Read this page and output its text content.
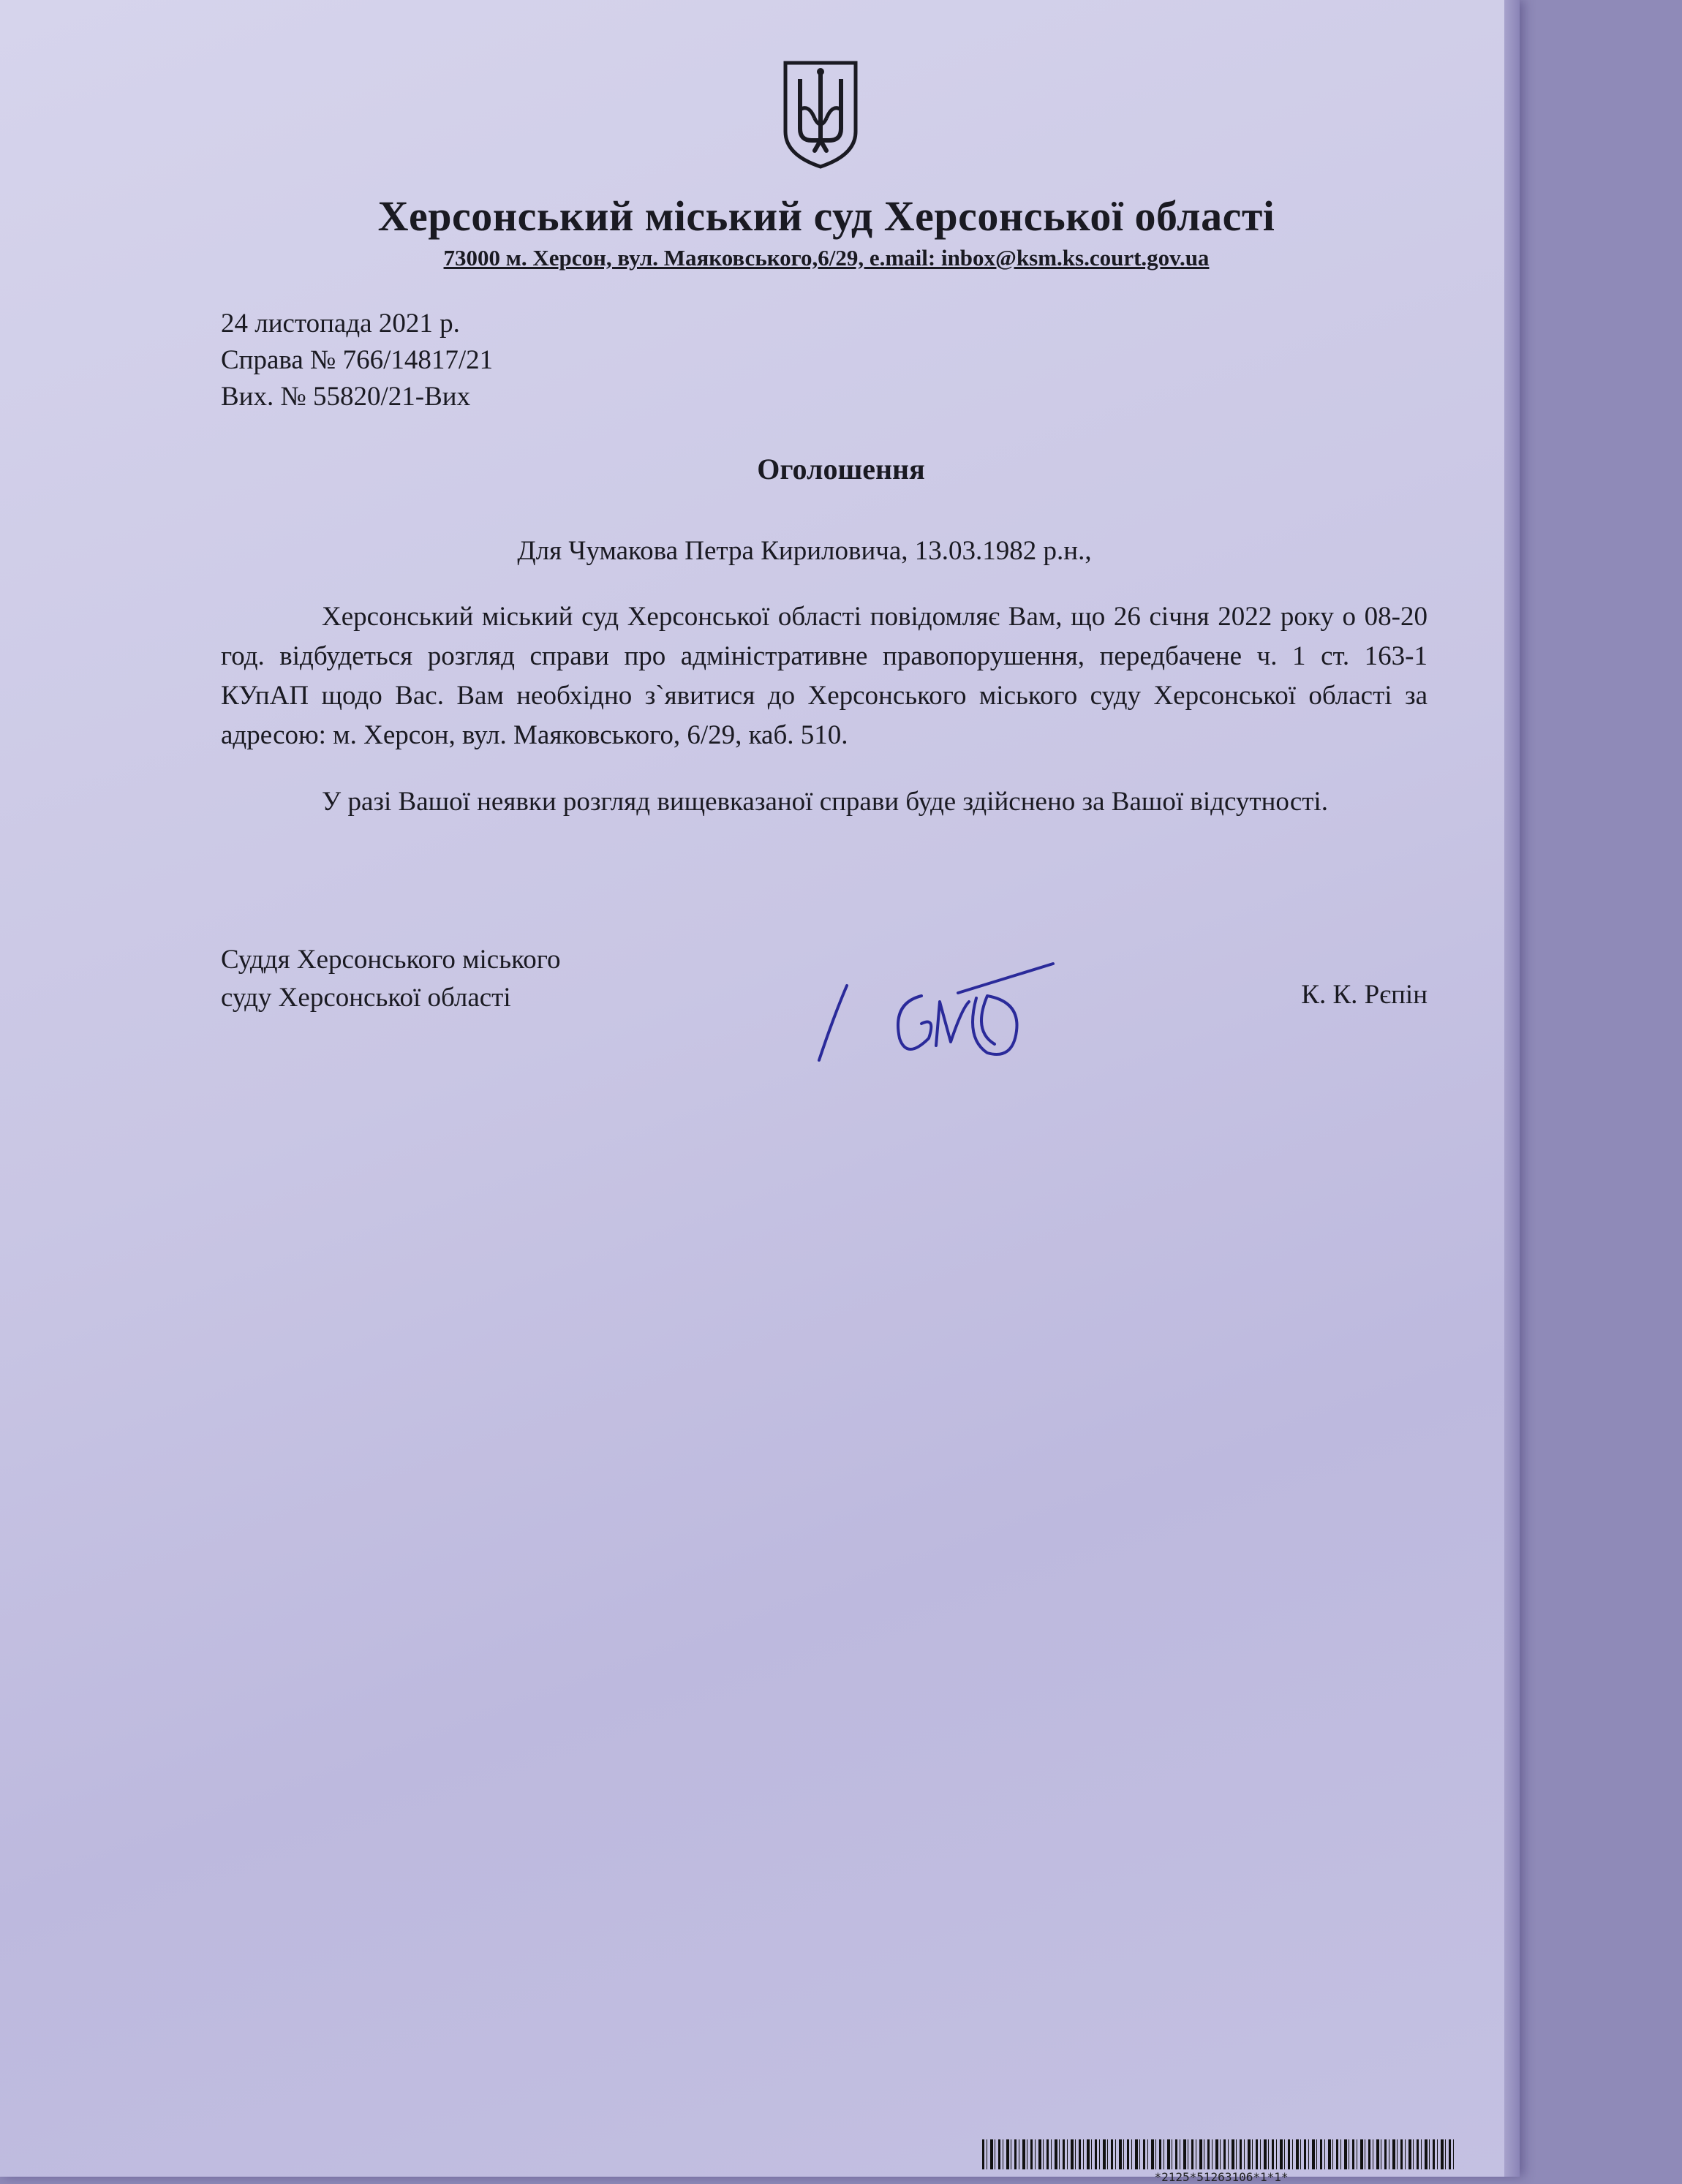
Херсонський міський суд Херсонської області
73000 м. Херсон, вул. Маяковського,6/29, e.mail: inbox@ksm.ks.court.gov.ua
24 листопада 2021 р.
Справа № 766/14817/21
Вих. № 55820/21-Вих
Оголошення
Для Чумакова Петра Кириловича, 13.03.1982 р.н.,

Херсонський міський суд Херсонської області повідомляє Вам, що 26 січня 2022 року о 08-20 год. відбудеться розгляд справи про адміністративне правопорушення, передбачене ч. 1 ст. 163-1 КУпАП щодо Вас. Вам необхідно з`явитися до Херсонського міського суду Херсонської області за адресою: м. Херсон, вул. Маяковського, 6/29, каб. 510.

У разі Вашої неявки розгляд вищевказаної справи буде здійснено за Вашої відсутності.

Суддя Херсонського міського
суду Херсонської області	К. К. Рєпін
*2125*51263106*1*1*
